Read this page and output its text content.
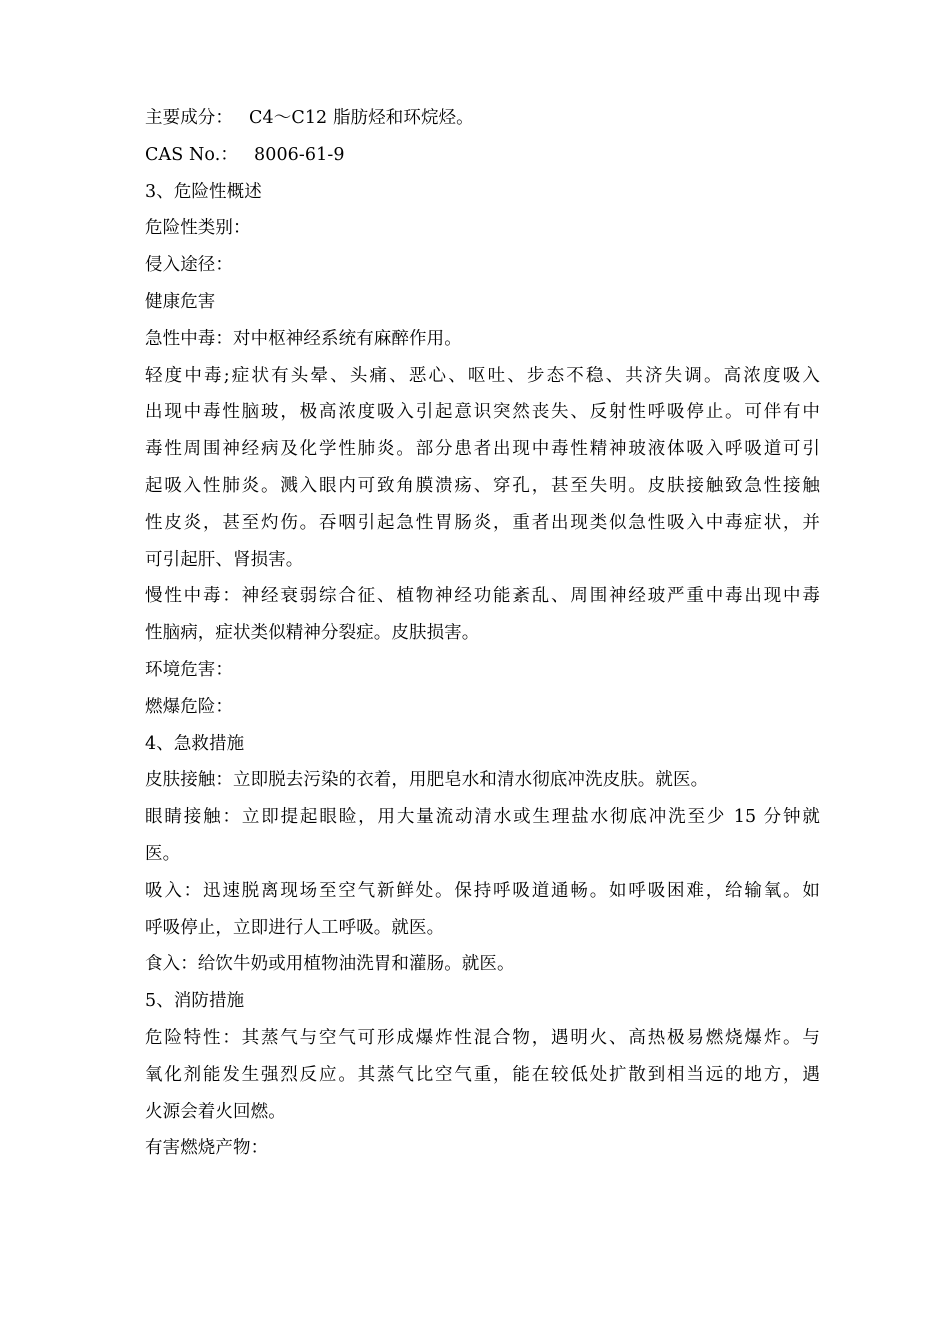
主要成分： C4～C12 脂肪烃和环烷烃。
CAS No.： 8006-61-9
3、危险性概述
危险性类别：
侵入途径：
健康危害
急性中毒：对中枢神经系统有麻醉作用。
轻度中毒;症状有头晕、头痛、恶心、呕吐、步态不稳、共济失调。高浓度吸入
出现中毒性脑玻，极高浓度吸入引起意识突然丧失、反射性呼吸停止。可伴有中
毒性周围神经病及化学性肺炎。部分患者出现中毒性精神玻液体吸入呼吸道可引
起吸入性肺炎。溅入眼内可致角膜溃疡、穿孔，甚至失明。皮肤接触致急性接触
性皮炎，甚至灼伤。吞咽引起急性胃肠炎，重者出现类似急性吸入中毒症状，并
可引起肝、肾损害。
慢性中毒：神经衰弱综合征、植物神经功能紊乱、周围神经玻严重中毒出现中毒
性脑病，症状类似精神分裂症。皮肤损害。
环境危害：
燃爆危险：
4、急救措施
皮肤接触：立即脱去污染的衣着，用肥皂水和清水彻底冲洗皮肤。就医。
眼睛接触：立即提起眼睑，用大量流动清水或生理盐水彻底冲洗至少 15 分钟就
医。
吸入：迅速脱离现场至空气新鲜处。保持呼吸道通畅。如呼吸困难，给输氧。如
呼吸停止，立即进行人工呼吸。就医。
食入：给饮牛奶或用植物油洗胃和灌肠。就医。
5、消防措施
危险特性：其蒸气与空气可形成爆炸性混合物，遇明火、高热极易燃烧爆炸。与
氧化剂能发生强烈反应。其蒸气比空气重，能在较低处扩散到相当远的地方，遇
火源会着火回燃。
有害燃烧产物：
